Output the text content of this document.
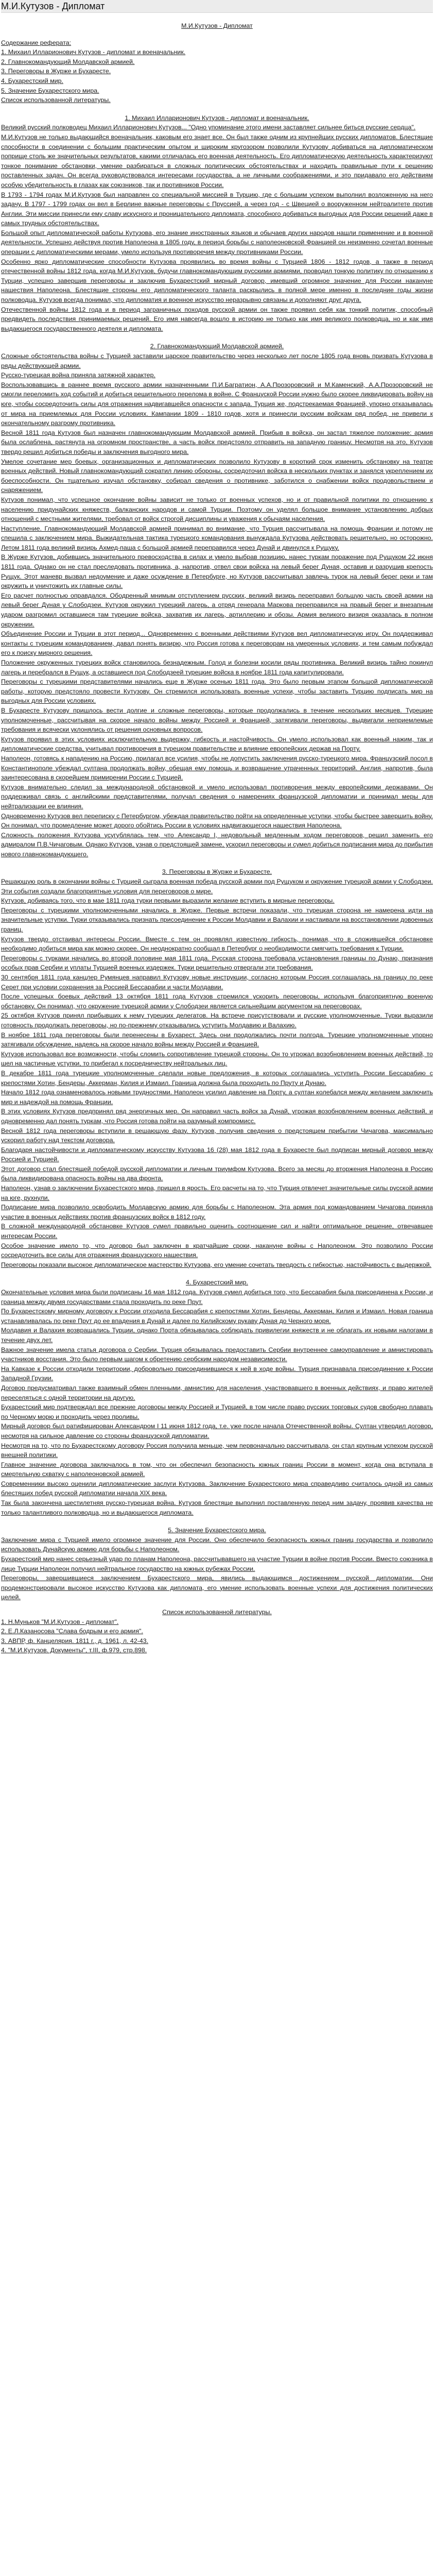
М.И.Кутузов - Дипломат
М.И.Кутузов - Дипломат
Содержание реферата:
1. Михаил Илларионович Кутузов - дипломат и военачальник.
2. Главнокомандующий Молдавской армией.
3. Переговоры в Журже и Бухаресте.
4. Бухарестский мир.
5. Значение Бухарестского мира.
Список использованной литературы.
1. Михаил Илларионович Кутузов - дипломат и военачальник.

Великий русский полководец Михаил Илларионович Кутузов... "Одно упоминание этого имени заставляет сильнее биться русские сердца".

М.И.Кутузов не только выдающийся военачальник, каковым его знает все. Он был также одним из крупнейших русских дипломатов. Блестящие способности в соединении с большим практическим опытом и широким кругозором позволили Кутузову добиваться на дипломатическом поприще столь же значительных результатов, какими отличалась его военная деятельность. Его дипломатическую деятельность характеризуют тонкое понимание обстановки, умение разбираться в сложных политических обстоятельствах и находить правильные пути к решению поставленных задач. Он всегда руководствовался интересами государства, а не личными соображениями, и это придавало его действиям особую убедительность в глазах как союзников, так и противников России.

В 1793 - 1794 годах М.И.Кутузов был направлен со специальной миссией в Турцию, где с большим успехом выполнил возложенную на него задачу. В 1797 - 1799 годах он вел в Берлине важные переговоры с Пруссией, а через год - с Швецией о вооруженном нейтралитете против Англии. Эти миссии принесли ему славу искусного и проницательного дипломата, способного добиваться выгодных для России решений даже в самых трудных обстоятельствах.

Большой опыт дипломатической работы Кутузова, его знание иностранных языков и обычаев других народов нашли применение и в военной деятельности. Успешно действуя против Наполеона в 1805 году, в период борьбы с наполеоновской Францией он неизменно сочетал военные операции с дипломатическими мерами, умело используя противоречия между противниками России.

Особенно ярко дипломатические способности Кутузова проявились во время войны с Турцией 1806 - 1812 годов, а также в период отечественной войны 1812 года, когда М.И.Кутузов, будучи главнокомандующим русскими армиями, проводил тонкую политику по отношению к Турции, успешно завершив переговоры и заключив Бухарестский мирный договор, имевший огромное значение для России накануне нашествия Наполеона. Блестящие стороны его дипломатического таланта раскрылись в полной мере именно в последние годы жизни полководца. Кутузов всегда понимал, что дипломатия и военное искусство неразрывно связаны и дополняют друг друга.

Отечественной войны 1812 года и в период заграничных походов русской армии он также проявил себя как тонкий политик, способный предвидеть последствия принимаемых решений. Его имя навсегда вошло в историю не только как имя великого полководца, но и как имя выдающегося государственного деятеля и дипломата.

2. Главнокомандующий Молдавской армией.

Сложные обстоятельства войны с Турцией заставили царское правительство через несколько лет после 1805 года вновь призвать Кутузова в ряды действующей армии.

Русско-турецкая война приняла затяжной характер.

Воспользовавшись в раннее время русского армии назначенными П.И.Багратион, А.А.Прозоровский и М.Каменский, А.А.Прозоровский не смогли переломить ход событий и добиться решительного перелома в войне. С Француской России нужно было скорее ликвидировать войну на юге, чтобы сосредоточить силы для отражения надвигавшейся опасности с запада. Турция же, подстрекаемая Францией, упорно отказывалась от мира на приемлемых для России условиях. Кампании 1809 - 1810 годов, хотя и принесли русским войскам ряд побед, не привели к окончательному разгрому противника.

Весной 1811 года Кутузов был назначен главнокомандующим Молдавской армией. Прибыв в войска, он застал тяжелое положение: армия была ослаблена, растянута на огромном пространстве, а часть войск предстояло отправить на западную границу. Несмотря на это, Кутузов твердо решил добиться победы и заключения выгодного мира.

Умелое сочетание мер боевых, организационных и дипломатических позволило Кутузову в короткий срок изменить обстановку на театре военных действий. Новый главнокомандующий сократил линию обороны, сосредоточил войска в нескольких пунктах и занялся укреплением их боеспособности. Он тщательно изучал обстановку, собирал сведения о противнике, заботился о снабжении войск продовольствием и снаряжением.

Кутузов понимал, что успешное окончание войны зависит не только от военных успехов, но и от правильной политики по отношению к населению придунайских княжеств, балканских народов и самой Турции. Поэтому он уделял большое внимание установлению добрых отношений с местными жителями, требовал от войск строгой дисциплины и уважения к обычаям населения.

Наступление. Главнокомандующий Молдавской армией принимал во внимание, что Турция рассчитывала на помощь Франции и потому не спешила с заключением мира. Выжидательная тактика турецкого командования вынуждала Кутузова действовать решительно, но осторожно. Летом 1811 года великий визирь Ахмед-паша с большой армией переправился через Дунай и двинулся к Рущуку.

В Журже Кутузов, добившись значительного превосходства в силах и умело выбрав позицию, нанес туркам поражение под Рущуком 22 июня 1811 года. Однако он не стал преследовать противника, а, напротив, отвел свои войска на левый берег Дуная, оставив и разрушив крепость Рущук. Этот маневр вызвал недоумение и даже осуждение в Петербурге, но Кутузов рассчитывал завлечь турок на левый берег реки и там окружить и уничтожить их главные силы.

Его расчет полностью оправдался. Ободренный мнимым отступлением русских, великий визирь переправил большую часть своей армии на левый берег Дуная у Слободзеи. Кутузов окружил турецкий лагерь, а отряд генерала Маркова переправился на правый берег и внезапным ударом разгромил оставшиеся там турецкие войска, захватив их лагерь, артиллерию и обозы. Армия великого визиря оказалась в полном окружении.

Объединение России и Турции в этот период... Одновременно с военными действиями Кутузов вел дипломатическую игру. Он поддерживал контакты с турецким командованием, давал понять визирю, что Россия готова к переговорам на умеренных условиях, и тем самым побуждал его к поиску мирного решения.

Положение окруженных турецких войск становилось безнадежным. Голод и болезни косили ряды противника. Великий визирь тайно покинул лагерь и перебрался в Рущук, а оставшиеся под Слободзеей турецкие войска в ноябре 1811 года капитулировали.

Переговоры с турецкими представителями начались еще в Журже осенью 1811 года. Это было первым этапом большой дипломатической работы, которую предстояло провести Кутузову. Он стремился использовать военные успехи, чтобы заставить Турцию подписать мир на выгодных для России условиях.

В Бухаресте Кутузову пришлось вести долгие и сложные переговоры, которые продолжались в течение нескольких месяцев. Турецкие уполномоченные, рассчитывая на скорое начало войны между Россией и Францией, затягивали переговоры, выдвигали неприемлемые требования и всячески уклонялись от решения основных вопросов.

Кутузов проявил в этих условиях исключительную выдержку, гибкость и настойчивость. Он умело использовал как военный нажим, так и дипломатические средства, учитывал противоречия в турецком правительстве и влияние европейских держав на Порту.

Наполеон, готовясь к нападению на Россию, прилагал все усилия, чтобы не допустить заключения русско-турецкого мира. Французский посол в Константинополе убеждал султана продолжать войну, обещая ему помощь и возвращение утраченных территорий. Англия, напротив, была заинтересована в скорейшем примирении России с Турцией.

Кутузов внимательно следил за международной обстановкой и умело использовал противоречия между европейскими державами. Он поддерживал связь с английскими представителями, получал сведения о намерениях французской дипломатии и принимал меры для нейтрализации ее влияния.

Одновременно Кутузов вел переписку с Петербургом, убеждая правительство пойти на определенные уступки, чтобы быстрее завершить войну. Он понимал, что промедление может дорого обойтись России в условиях надвигающегося нашествия Наполеона.

Сложность положения Кутузова усугублялась тем, что Александр I, недовольный медленным ходом переговоров, решил заменить его адмиралом П.В.Чичаговым. Однако Кутузов, узнав о предстоящей замене, ускорил переговоры и сумел добиться подписания мира до прибытия нового главнокомандующего.

3. Переговоры в Журже и Бухаресте.

Решающую роль в окончании войны с Турцией сыграла военная победа русской армии под Рущуком и окружение турецкой армии у Слободзеи. Эти события создали благоприятные условия для переговоров о мире.

Кутузов, добиваясь того, что в мае 1811 года турки первыми выразили желание вступить в мирные переговоры.

Переговоры с турецкими уполномоченными начались в Журже. Первые встречи показали, что турецкая сторона не намерена идти на значительные уступки. Турки отказывались признать присоединение к России Молдавии и Валахии и настаивали на восстановлении довоенных границ.

Кутузов твердо отстаивал интересы России. Вместе с тем он проявлял известную гибкость, понимая, что в сложившейся обстановке необходимо добиться мира как можно скорее. Он неоднократно сообщал в Петербург о необходимости смягчить требования к Турции.

Переговоры с турками начались во второй половине мая 1811 года. Русская сторона требовала установления границы по Дунаю, признания особых прав Сербии и уплаты Турцией военных издержек. Турки решительно отвергали эти требования.

30 сентября 1811 года канцлер Румянцев направил Кутузову новые инструкции, согласно которым Россия соглашалась на границу по реке Серет при условии сохранения за Россией Бессарабии и части Молдавии.

После успешных боевых действий 13 октября 1811 года Кутузов стремился ускорить переговоры, используя благоприятную военную обстановку. Он понимал, что окружение турецкой армии у Слободзеи является сильнейшим аргументом на переговорах.

25 октября Кутузов принял прибывших к нему турецких делегатов. На встрече присутствовали и русские уполномоченные. Турки выразили готовность продолжать переговоры, но по-прежнему отказывались уступить Молдавию и Валахию.

В ноябре 1811 года переговоры были перенесены в Бухарест. Здесь они продолжались почти полгода. Турецкие уполномоченные упорно затягивали обсуждение, надеясь на скорое начало войны между Россией и Францией.

Кутузов использовал все возможности, чтобы сломить сопротивление турецкой стороны. Он то угрожал возобновлением военных действий, то шел на частичные уступки, то прибегал к посредничеству нейтральных лиц.

В декабре 1811 года турецкие уполномоченные сделали новые предложения, в которых соглашались уступить России Бессарабию с крепостями Хотин, Бендеры, Аккерман, Килия и Измаил. Граница должна была проходить по Пруту и Дунаю.

Начало 1812 года ознаменовалось новыми трудностями. Наполеон усилил давление на Порту, а султан колебался между желанием заключить мир и надеждой на помощь Франции.

В этих условиях Кутузов предпринял ряд энергичных мер. Он направил часть войск за Дунай, угрожая возобновлением военных действий, и одновременно дал понять туркам, что Россия готова пойти на разумный компромисс.

Весной 1812 года переговоры вступили в решающую фазу. Кутузов, получив сведения о предстоящем прибытии Чичагова, максимально ускорил работу над текстом договора.

Благодаря настойчивости и дипломатическому искусству Кутузова 16 (28) мая 1812 года в Бухаресте был подписан мирный договор между Россией и Турцией.

Этот договор стал блестящей победой русской дипломатии и личным триумфом Кутузова. Всего за месяц до вторжения Наполеона в Россию была ликвидирована опасность войны на два фронта.

Наполеон, узнав о заключении Бухарестского мира, пришел в ярость. Его расчеты на то, что Турция отвлечет значительные силы русской армии на юге, рухнули.

Подписание мира позволило освободить Молдавскую армию для борьбы с Наполеоном. Эта армия под командованием Чичагова приняла участие в военных действиях против французских войск в 1812 году.

В сложной международной обстановке Кутузов сумел правильно оценить соотношение сил и найти оптимальное решение, отвечавшее интересам России.

Особое значение имело то, что договор был заключен в кратчайшие сроки, накануне войны с Наполеоном. Это позволило России сосредоточить все силы для отражения французского нашествия.

Переговоры показали высокое дипломатическое мастерство Кутузова, его умение сочетать твердость с гибкостью, настойчивость с выдержкой.

4. Бухарестский мир.

Окончательные условия мира были подписаны 16 мая 1812 года. Кутузов сумел добиться того, что Бессарабия была присоединена к России, и граница между двумя государствами стала проходить по реке Прут.

По Бухарестскому мирному договору к России отходила Бессарабия с крепостями Хотин, Бендеры, Аккерман, Килия и Измаил. Новая граница устанавливалась по реке Прут до ее впадения в Дунай и далее по Килийскому рукаву Дуная до Черного моря.

Молдавия и Валахия возвращались Турции, однако Порта обязывалась соблюдать привилегии княжеств и не облагать их новыми налогами в течение двух лет.

Важное значение имела статья договора о Сербии. Турция обязывалась предоставить Сербии внутреннее самоуправление и амнистировать участников восстания. Это было первым шагом к обретению сербским народом независимости.

На Кавказе к России отходили территории, добровольно присоединившиеся к ней в ходе войны. Турция признавала присоединение к России Западной Грузии.

Договор предусматривал также взаимный обмен пленными, амнистию для населения, участвовавшего в военных действиях, и право жителей переселяться с одной территории на другую.

Бухарестский мир подтверждал все прежние договоры между Россией и Турцией, в том числе право русских торговых судов свободно плавать по Черному морю и проходить через проливы.

Мирный договор был ратифицирован Александром I 11 июня 1812 года, т.е. уже после начала Отечественной войны. Султан утвердил договор, несмотря на сильное давление со стороны французской дипломатии.

Несмотря на то, что по Бухарестскому договору Россия получила меньше, чем первоначально рассчитывала, он стал крупным успехом русской внешней политики.

Главное значение договора заключалось в том, что он обеспечил безопасность южных границ России в момент, когда она вступала в смертельную схватку с наполеоновской армией.

Современники высоко оценили дипломатические заслуги Кутузова. Заключение Бухарестского мира справедливо считалось одной из самых блестящих побед русской дипломатии начала XIX века.

Так была закончена шестилетняя русско-турецкая война. Кутузов блестяще выполнил поставленную перед ним задачу, проявив качества не только талантливого полководца, но и выдающегося дипломата.

5. Значение Бухарестского мира.

Заключение мира с Турцией имело огромное значение для России. Оно обеспечило безопасность южных границ государства и позволило использовать Дунайскую армию для борьбы с Наполеоном.

Бухарестский мир нанес серьезный удар по планам Наполеона, рассчитывавшего на участие Турции в войне против России. Вместо союзника в лице Турции Наполеон получил нейтральное государство на южных рубежах России.

Переговоры, завершившиеся заключением Бухарестского мира, явились выдающимся достижением русской дипломатии. Они продемонстрировали высокое искусство Кутузова как дипломата, его умение использовать военные успехи для достижения политических целей.

Список использованной литературы.
1. Н.Муньков "М.И.Кутузов - дипломат".
2. Е.Л.Казаносова "Слава бодрым и его армия".
3. АВПР, ф. Канцелярия. 1811 г., д. 1961, л. 42-43.
4. "М.И.Кутузов. Документы", т.III, ф.979, стр.898.
